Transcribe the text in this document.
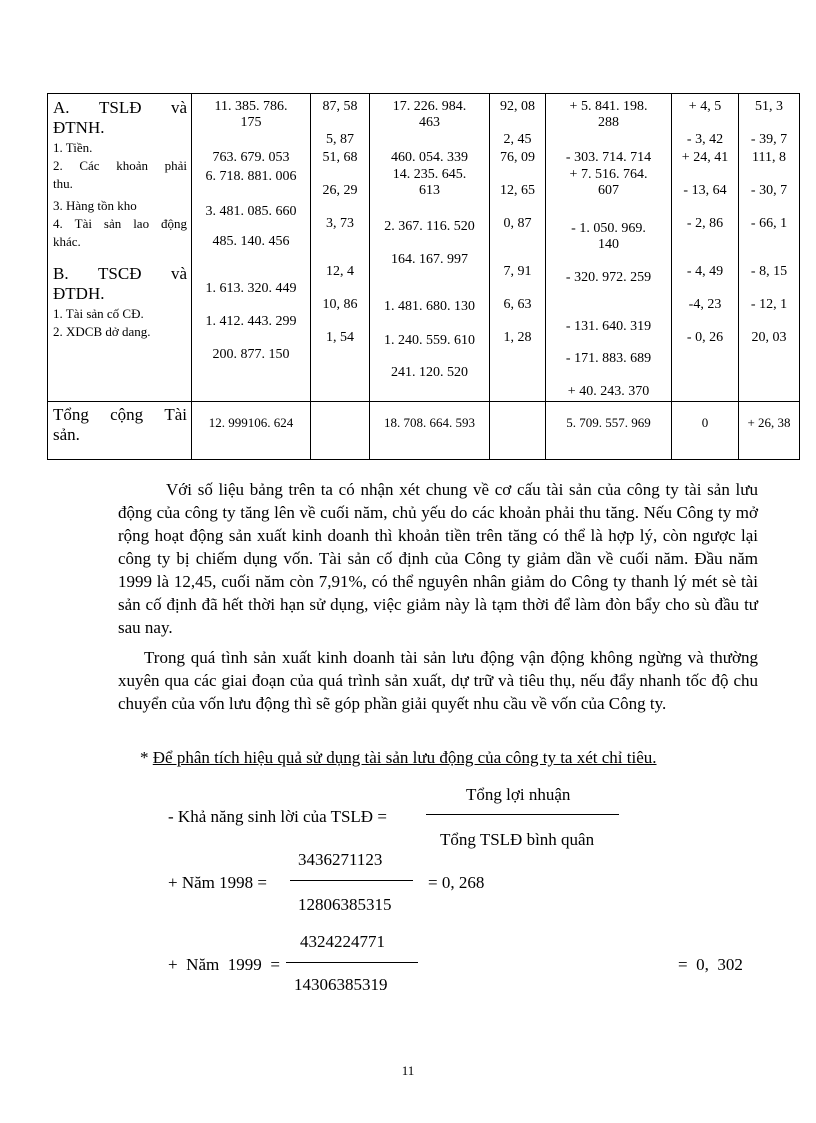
A. TSLĐ và
ĐTNH.
1. Tiền.
2. Các khoản phải
thu.
3. Hàng tồn kho
4. Tài sản lao động
khác.
B. TSCĐ và
ĐTDH.
1. Tài sản cố CĐ.
2. XDCB dở dang.
Tổng cộng Tài
sản.
11. 385. 786.
175
763. 679. 053
6. 718. 881. 006
3. 481. 085. 660
485. 140. 456
1. 613. 320. 449
1. 412. 443. 299
200. 877. 150
12. 999106. 624
87, 58
5, 87
51, 68
26, 29
3, 73
12, 4
10, 86
1, 54
17. 226. 984.
463
460. 054. 339
14. 235. 645.
613
2. 367. 116. 520
164. 167. 997
1. 481. 680. 130
1. 240. 559. 610
241. 120. 520
18. 708. 664. 593
92, 08
2, 45
76, 09
12, 65
0, 87
7, 91
6, 63
1, 28
+ 5. 841. 198.
288
- 303. 714. 714
+ 7. 516. 764.
607
- 1. 050. 969.
140
- 320. 972. 259
- 131. 640. 319
- 171. 883. 689
+ 40. 243. 370
5. 709. 557. 969
+ 4, 5
- 3, 42
+ 24, 41
- 13, 64
- 2, 86
- 4, 49
-4, 23
- 0, 26
0
51, 3
- 39, 7
111, 8
- 30, 7
- 66, 1
- 8, 15
- 12, 1
20, 03
+ 26, 38
Với số liệu bảng trên ta có nhận xét chung về cơ cấu tài sản của công ty tài sản lưu động của công ty tăng lên về cuối năm, chủ yếu do các khoản phải thu tăng. Nếu Công ty mở rộng hoạt động sản xuất kinh doanh thì khoản tiền trên tăng có thể là hợp lý, còn ngược lại công ty bị chiếm dụng vốn. Tài sản cố định của Công ty giảm dần về cuối năm. Đầu năm 1999 là 12,45, cuối năm còn 7,91%, có thể nguyên nhân giảm do Công ty thanh lý mét sè tài sản cố định đã hết thời hạn sử dụng, việc giảm này là tạm thời để làm đòn bẩy cho sù đầu tư sau nay.
Trong quá tình sản xuất kinh doanh tài sản lưu động vận động không ngừng và thường xuyên qua các giai đoạn của quá trình sản xuất, dự trữ và tiêu thụ, nếu đẩy nhanh tốc độ chu chuyển của vốn lưu động thì sẽ góp phần giải quyết nhu cầu về vốn của Công ty.
* Để phân tích hiệu quả sử dụng tài sản lưu động của công ty ta xét chỉ tiêu.
- Khả năng sinh lời của TSLĐ =
Tổng lợi nhuận
Tổng TSLĐ bình quân
+ Năm 1998 =
3436271123
12806385315
= 0, 268
+ Năm 1999 =
4324224771
14306385319
=  0,  302
11
